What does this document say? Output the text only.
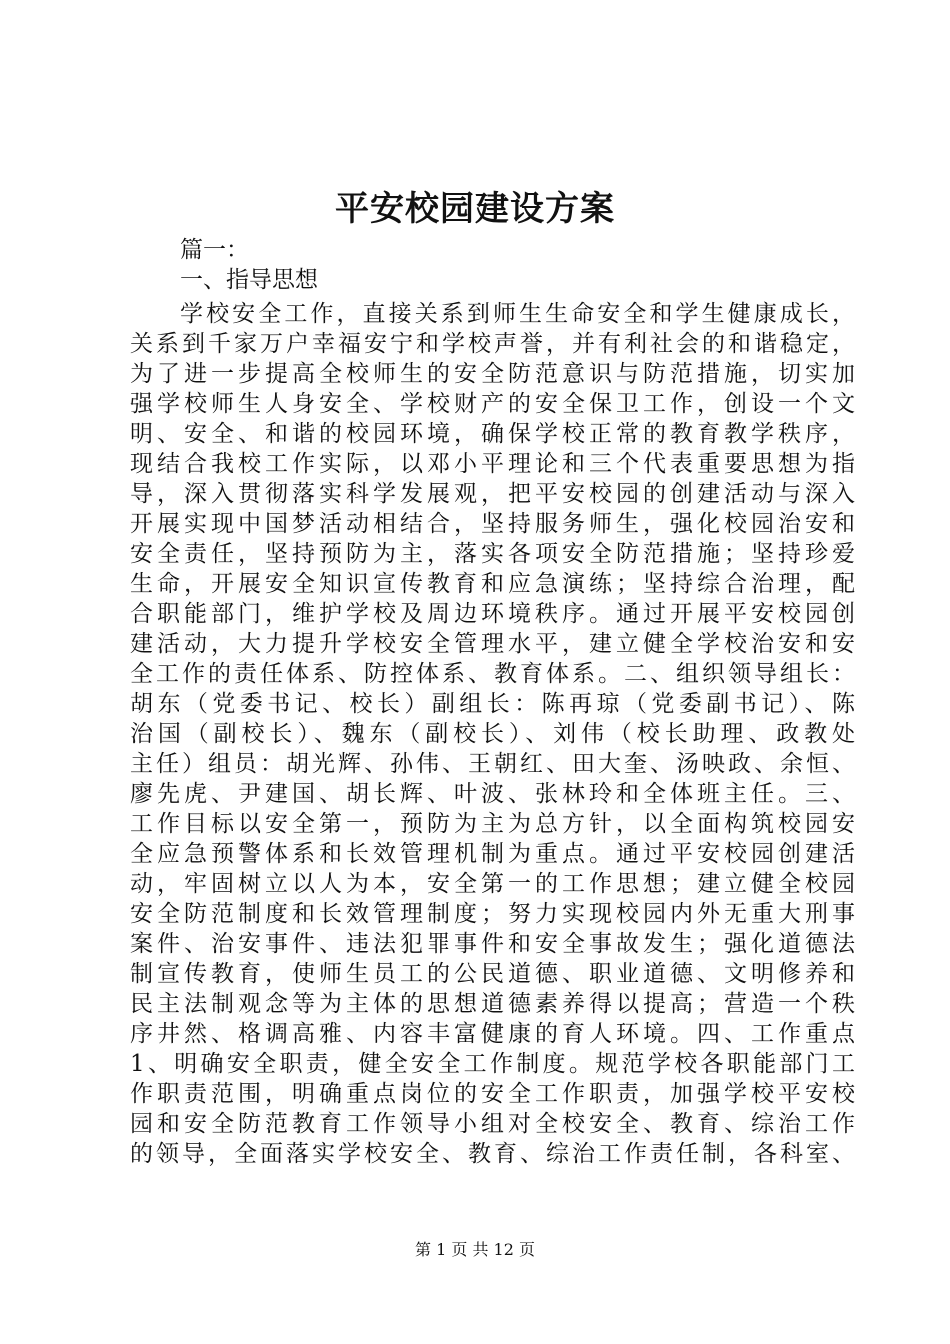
平安校园建设方案
篇一：
一、指导思想
学校安全工作，直接关系到师生生命安全和学生健康成长，
关系到千家万户幸福安宁和学校声誉，并有利社会的和谐稳定，
为了进一步提高全校师生的安全防范意识与防范措施，切实加
强学校师生人身安全、学校财产的安全保卫工作，创设一个文
明、安全、和谐的校园环境，确保学校正常的教育教学秩序，
现结合我校工作实际，以邓小平理论和三个代表重要思想为指
导，深入贯彻落实科学发展观，把平安校园的创建活动与深入
开展实现中国梦活动相结合，坚持服务师生，强化校园治安和
安全责任，坚持预防为主，落实各项安全防范措施；坚持珍爱
生命，开展安全知识宣传教育和应急演练；坚持综合治理，配
合职能部门，维护学校及周边环境秩序。通过开展平安校园创
建活动，大力提升学校安全管理水平，建立健全学校治安和安
全工作的责任体系、防控体系、教育体系。二、组织领导组长：
胡东（党委书记、校长）副组长：陈再琼（党委副书记）、陈
治国（副校长）、魏东（副校长）、刘伟（校长助理、政教处
主任）组员：胡光辉、孙伟、王朝红、田大奎、汤映政、余恒、
廖先虎、尹建国、胡长辉、叶波、张林玲和全体班主任。三、
工作目标以安全第一，预防为主为总方针，以全面构筑校园安
全应急预警体系和长效管理机制为重点。通过平安校园创建活
动，牢固树立以人为本，安全第一的工作思想；建立健全校园
安全防范制度和长效管理制度；努力实现校园内外无重大刑事
案件、治安事件、违法犯罪事件和安全事故发生；强化道德法
制宣传教育，使师生员工的公民道德、职业道德、文明修养和
民主法制观念等为主体的思想道德素养得以提高；营造一个秩
序井然、格调高雅、内容丰富健康的育人环境。四、工作重点
1、明确安全职责，健全安全工作制度。规范学校各职能部门工
作职责范围，明确重点岗位的安全工作职责，加强学校平安校
园和安全防范教育工作领导小组对全校安全、教育、综治工作
的领导，全面落实学校安全、教育、综治工作责任制，各科室、
第 1 页 共 12 页
